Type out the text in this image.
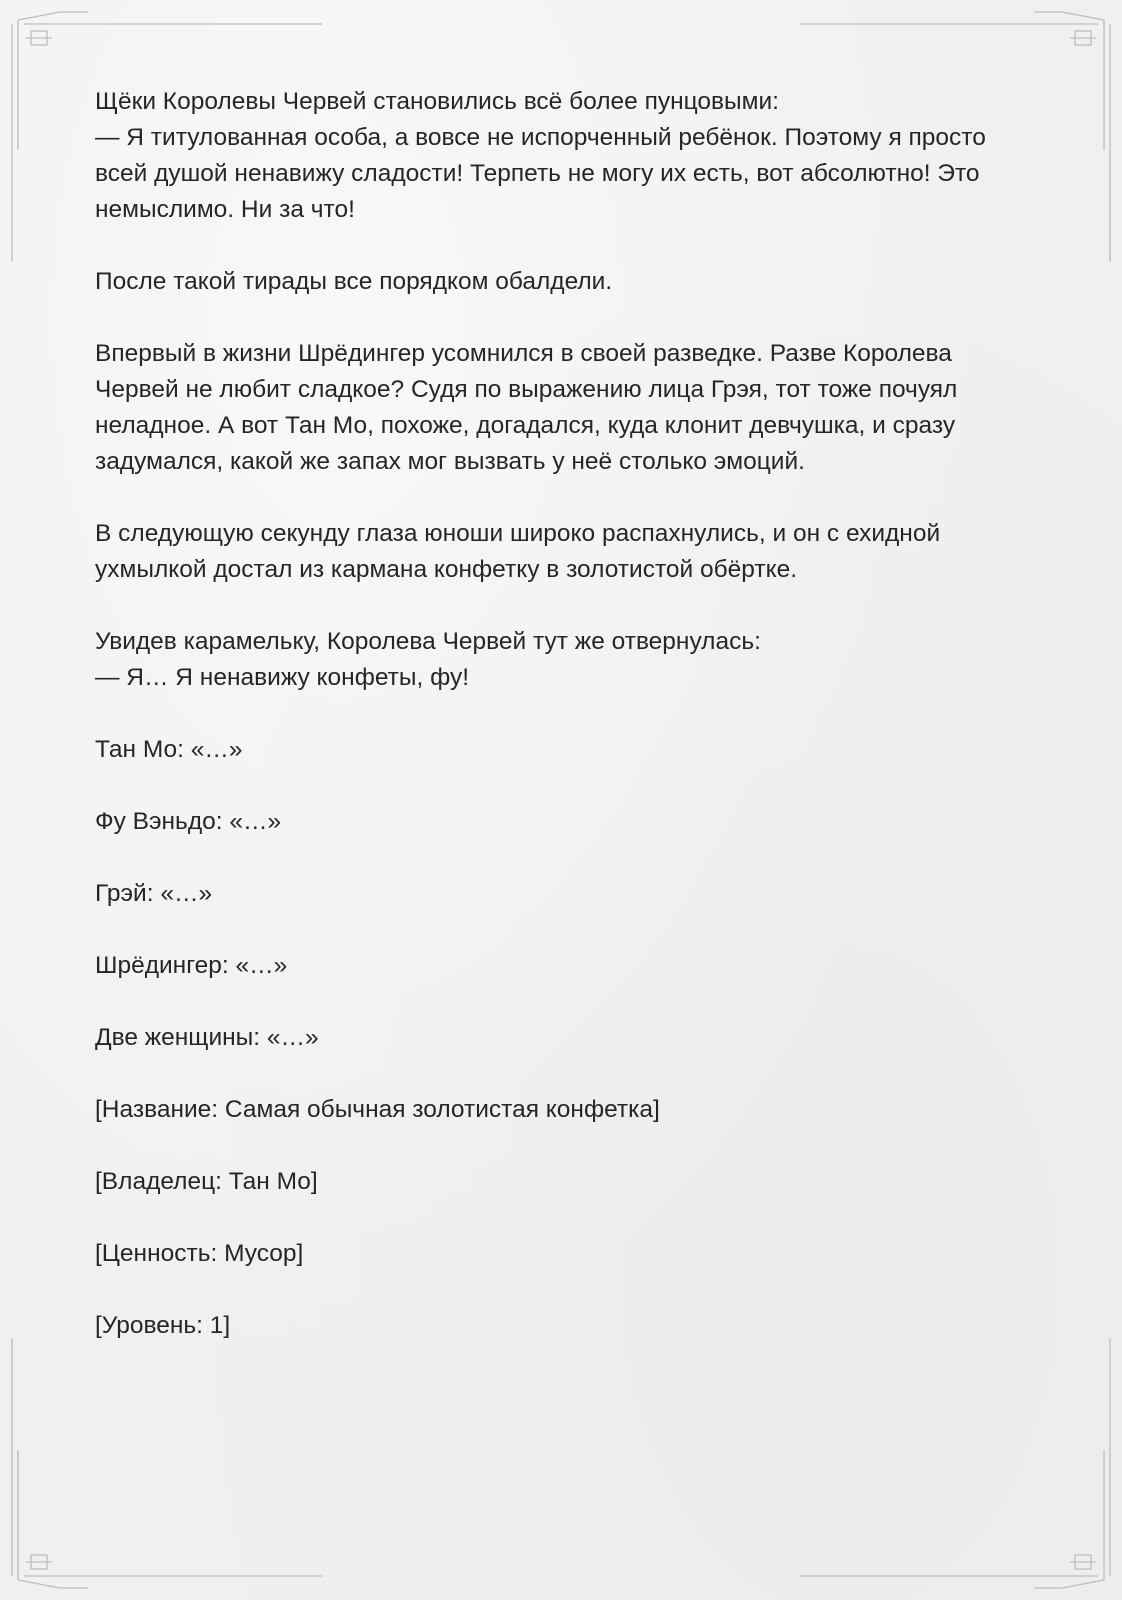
Щёки Королевы Червей становились всё более пунцовыми:
— Я титулованная особа, а вовсе не испорченный ребёнок. Поэтому я просто всей душой ненавижу сладости! Терпеть не могу их есть, вот абсолютно! Это немыслимо. Ни за что!

После такой тирады все порядком обалдели.

Впервый в жизни Шрёдингер усомнился в своей разведке. Разве Королева Червей не любит сладкое? Судя по выражению лица Грэя, тот тоже почуял неладное. А вот Тан Мо, похоже, догадался, куда клонит девчушка, и сразу задумался, какой же запах мог вызвать у неё столько эмоций.

В следующую секунду глаза юноши широко распахнулись, и он с ехидной ухмылкой достал из кармана конфетку в золотистой обёртке.

Увидев карамельку, Королева Червей тут же отвернулась:
— Я… Я ненавижу конфеты, фу!

Тан Мо: «…»

Фу Вэньдо: «…»

Грэй: «…»

Шрёдингер: «…»

Две женщины: «…»

[Название: Самая обычная золотистая конфетка]

[Владелец: Тан Мо]

[Ценность: Мусор]

[Уровень: 1]
